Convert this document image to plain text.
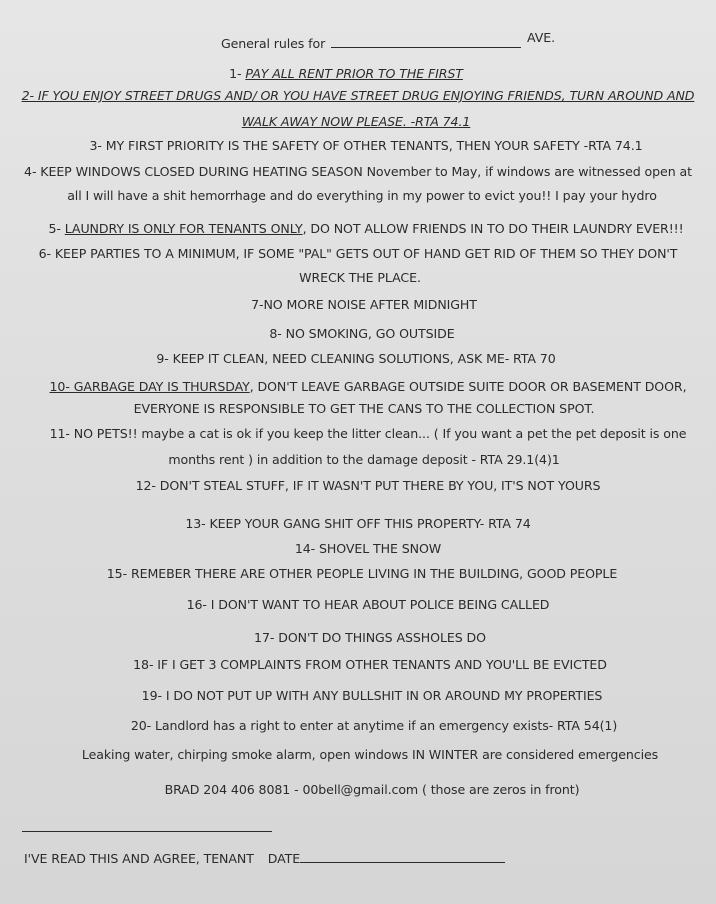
General rules for	AVE.
1- PAY ALL RENT PRIOR TO THE FIRST
2- IF YOU ENJOY STREET DRUGS AND/ OR YOU HAVE STREET DRUG ENJOYING FRIENDS, TURN AROUND AND
WALK AWAY NOW PLEASE. -RTA 74.1
3- MY FIRST PRIORITY IS THE SAFETY OF OTHER TENANTS, THEN YOUR SAFETY -RTA 74.1
4- KEEP WINDOWS CLOSED DURING HEATING SEASON November to May, if windows are witnessed open at
all I will have a shit hemorrhage and do everything in my power to evict you!! I pay your hydro
5- LAUNDRY IS ONLY FOR TENANTS ONLY, DO NOT ALLOW FRIENDS IN TO DO THEIR LAUNDRY EVER!!!
6- KEEP PARTIES TO A MINIMUM, IF SOME "PAL" GETS OUT OF HAND GET RID OF THEM SO THEY DON'T
WRECK THE PLACE.
7-NO MORE NOISE AFTER MIDNIGHT
8- NO SMOKING, GO OUTSIDE
9- KEEP IT CLEAN, NEED CLEANING SOLUTIONS, ASK ME- RTA 70
10- GARBAGE DAY IS THURSDAY, DON'T LEAVE GARBAGE OUTSIDE SUITE DOOR OR BASEMENT DOOR,
EVERYONE IS RESPONSIBLE TO GET THE CANS TO THE COLLECTION SPOT.
11- NO PETS!! maybe a cat is ok if you keep the litter clean... ( If you want a pet the pet deposit is one
months rent ) in addition to the damage deposit - RTA 29.1(4)1
12- DON'T STEAL STUFF, IF IT WASN'T PUT THERE BY YOU, IT'S NOT YOURS
13- KEEP YOUR GANG SHIT OFF THIS PROPERTY- RTA 74
14- SHOVEL THE SNOW
15- REMEBER THERE ARE OTHER PEOPLE LIVING IN THE BUILDING, GOOD PEOPLE
16- I DON'T WANT TO HEAR ABOUT POLICE BEING CALLED
17- DON'T DO THINGS ASSHOLES DO
18- IF I GET 3 COMPLAINTS FROM OTHER TENANTS AND YOU'LL BE EVICTED
19- I DO NOT PUT UP WITH ANY BULLSHIT IN OR AROUND MY PROPERTIES
20- Landlord has a right to enter at anytime if an emergency exists- RTA 54(1)
Leaking water, chirping smoke alarm, open windows IN WINTER are considered emergencies
BRAD 204 406 8081 - 00bell@gmail.com ( those are zeros in front)
I'VE READ THIS AND AGREE, TENANT DATE
